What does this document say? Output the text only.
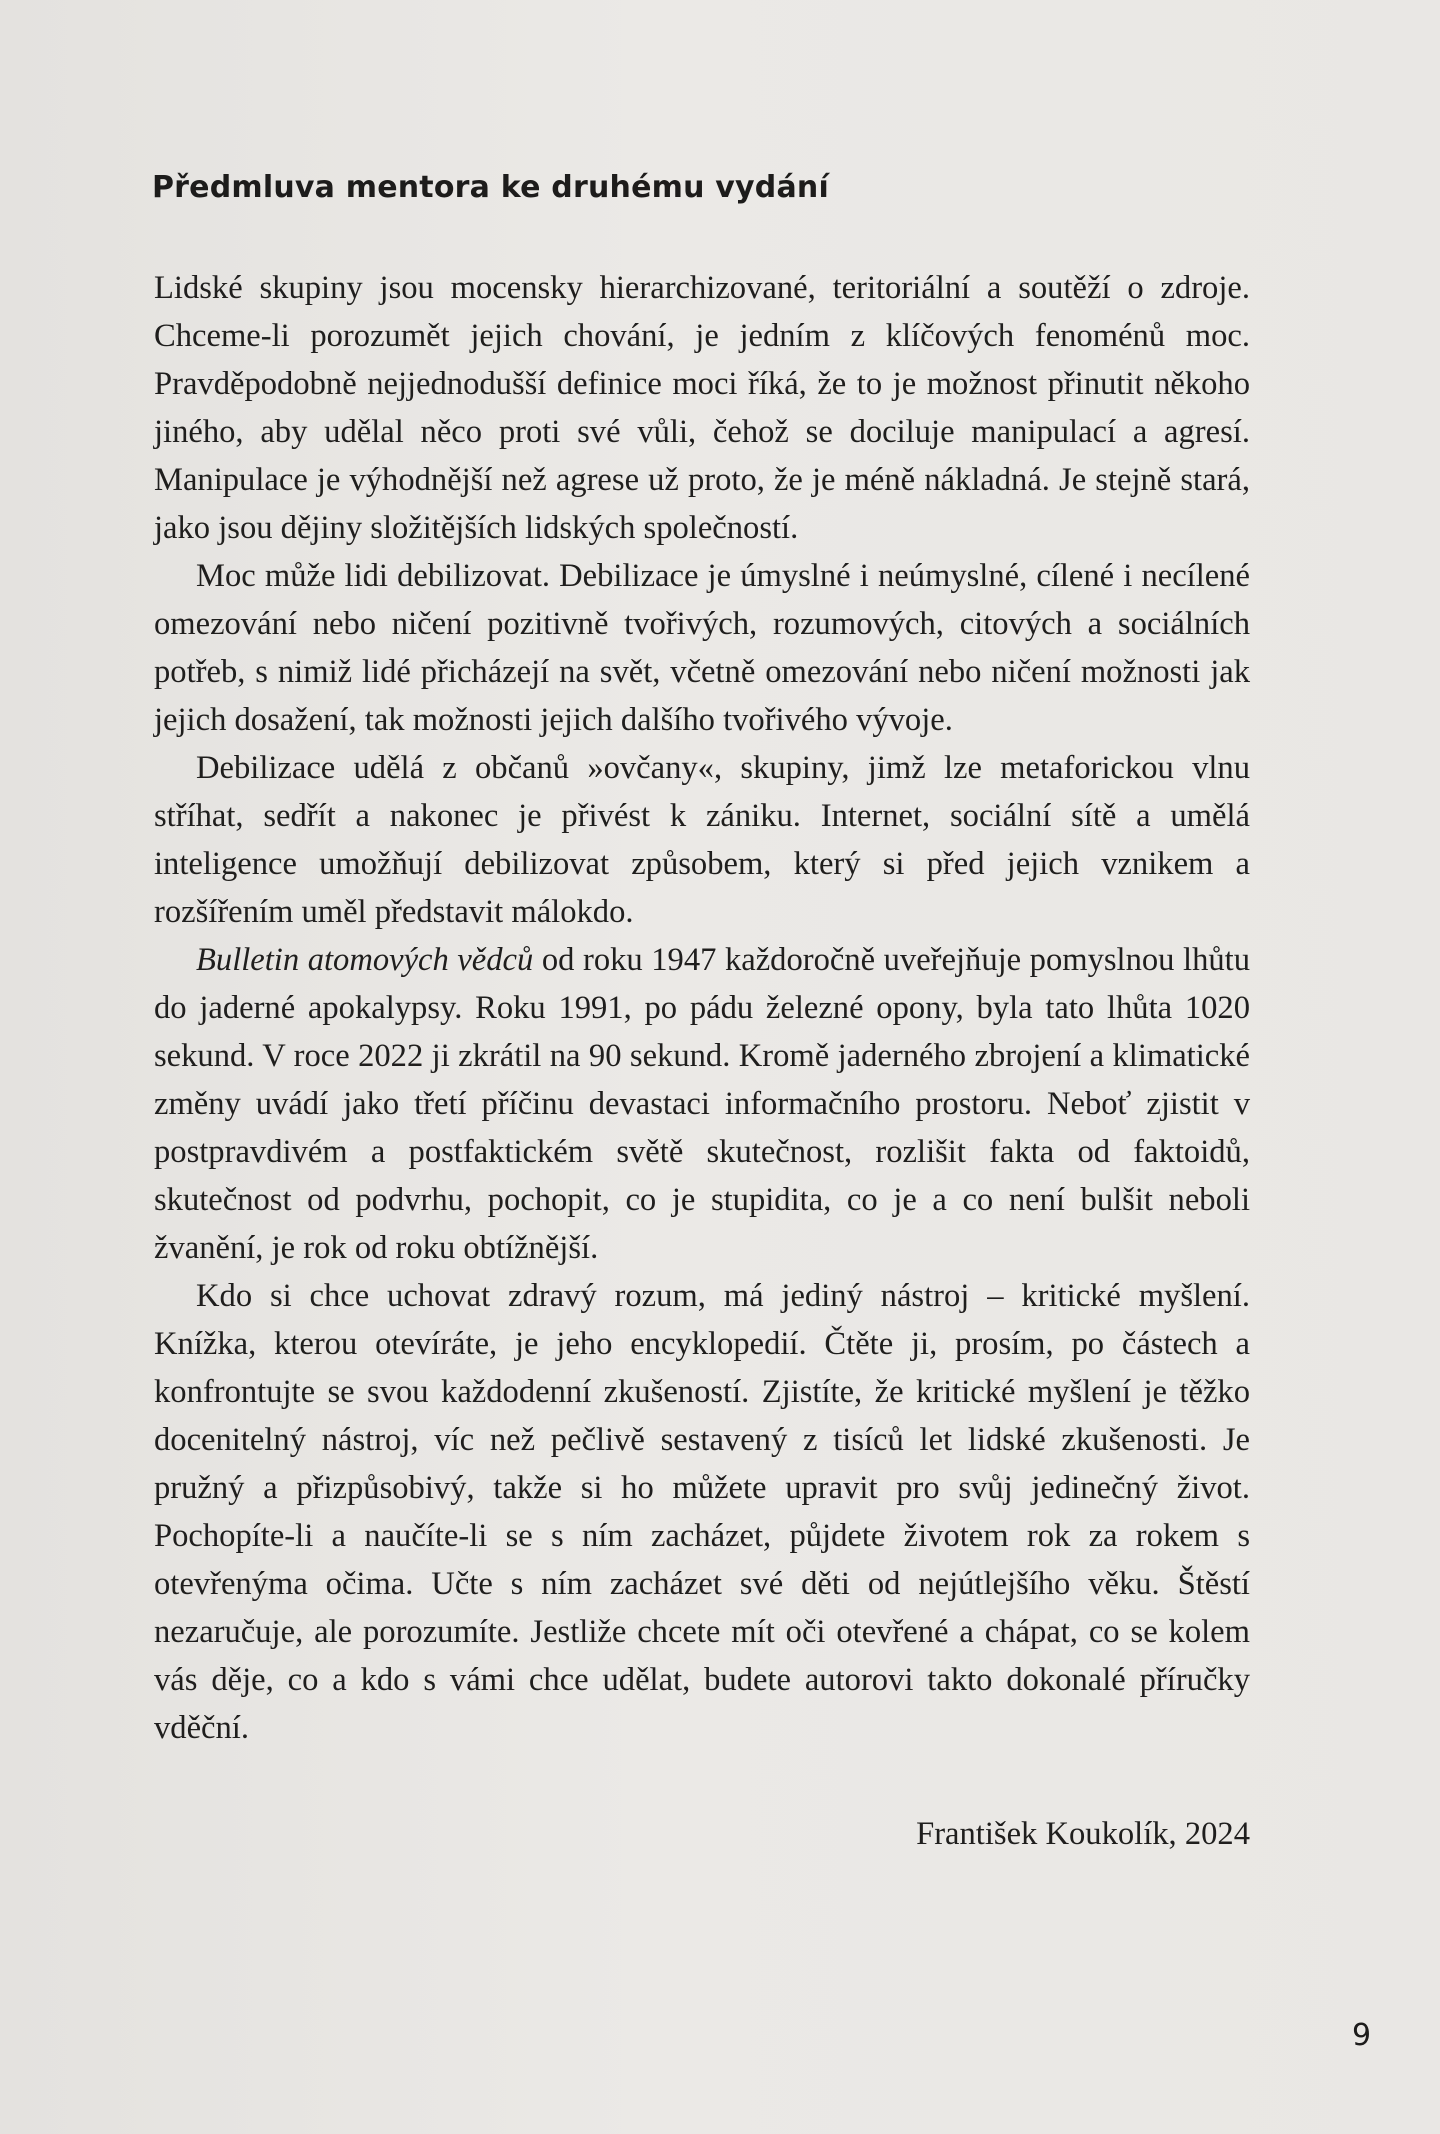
Předmluva mentora ke druhému vydání

Lidské skupiny jsou mocensky hierarchizované, teritoriální a soutěží o zdroje. Chceme-li porozumět jejich chování, je jedním z klíčových fenoménů moc. Pravděpodobně nejjednodušší definice moci říká, že to je možnost přinutit někoho jiného, aby udělal něco proti své vůli, čehož se dociluje manipulací a agresí. Manipulace je výhodnější než agrese už proto, že je méně nákladná. Je stejně stará, jako jsou dějiny složitějších lidských společností.

Moc může lidi debilizovat. Debilizace je úmyslné i neúmyslné, cílené i necílené omezování nebo ničení pozitivně tvořivých, rozumových, citových a sociálních potřeb, s nimiž lidé přicházejí na svět, včetně omezování nebo ničení možnosti jak jejich dosažení, tak možnosti jejich dalšího tvořivého vývoje.

Debilizace udělá z občanů »ovčany«, skupiny, jimž lze metaforickou vlnu stříhat, sedřít a nakonec je přivést k zániku. Internet, sociální sítě a umělá inteligence umožňují debilizovat způsobem, který si před jejich vznikem a rozšířením uměl představit málokdo.

Bulletin atomových vědců od roku 1947 každoročně uveřejňuje pomyslnou lhůtu do jaderné apokalypsy. Roku 1991, po pádu železné opony, byla tato lhůta 1020 sekund. V roce 2022 ji zkrátil na 90 sekund. Kromě jaderného zbrojení a klimatické změny uvádí jako třetí příčinu devastaci informačního prostoru. Neboť zjistit v postpravdivém a postfaktickém světě skutečnost, rozlišit fakta od faktoidů, skutečnost od podvrhu, pochopit, co je stupidita, co je a co není bulšit neboli žvanění, je rok od roku obtížnější.

Kdo si chce uchovat zdravý rozum, má jediný nástroj – kritické myšlení. Knížka, kterou otevíráte, je jeho encyklopedií. Čtěte ji, prosím, po částech a konfrontujte se svou každodenní zkušeností. Zjistíte, že kritické myšlení je těžko docenitelný nástroj, víc než pečlivě sestavený z tisíců let lidské zkušenosti. Je pružný a přizpůsobivý, takže si ho můžete upravit pro svůj jedinečný život. Pochopíte-li a naučíte-li se s ním zacházet, půjdete životem rok za rokem s otevřenýma očima. Učte s ním zacházet své děti od nejútlejšího věku. Štěstí nezaručuje, ale porozumíte. Jestliže chcete mít oči otevřené a chápat, co se kolem vás děje, co a kdo s vámi chce udělat, budete autorovi takto dokonalé příručky vděční.

František Koukolík, 2024

9
